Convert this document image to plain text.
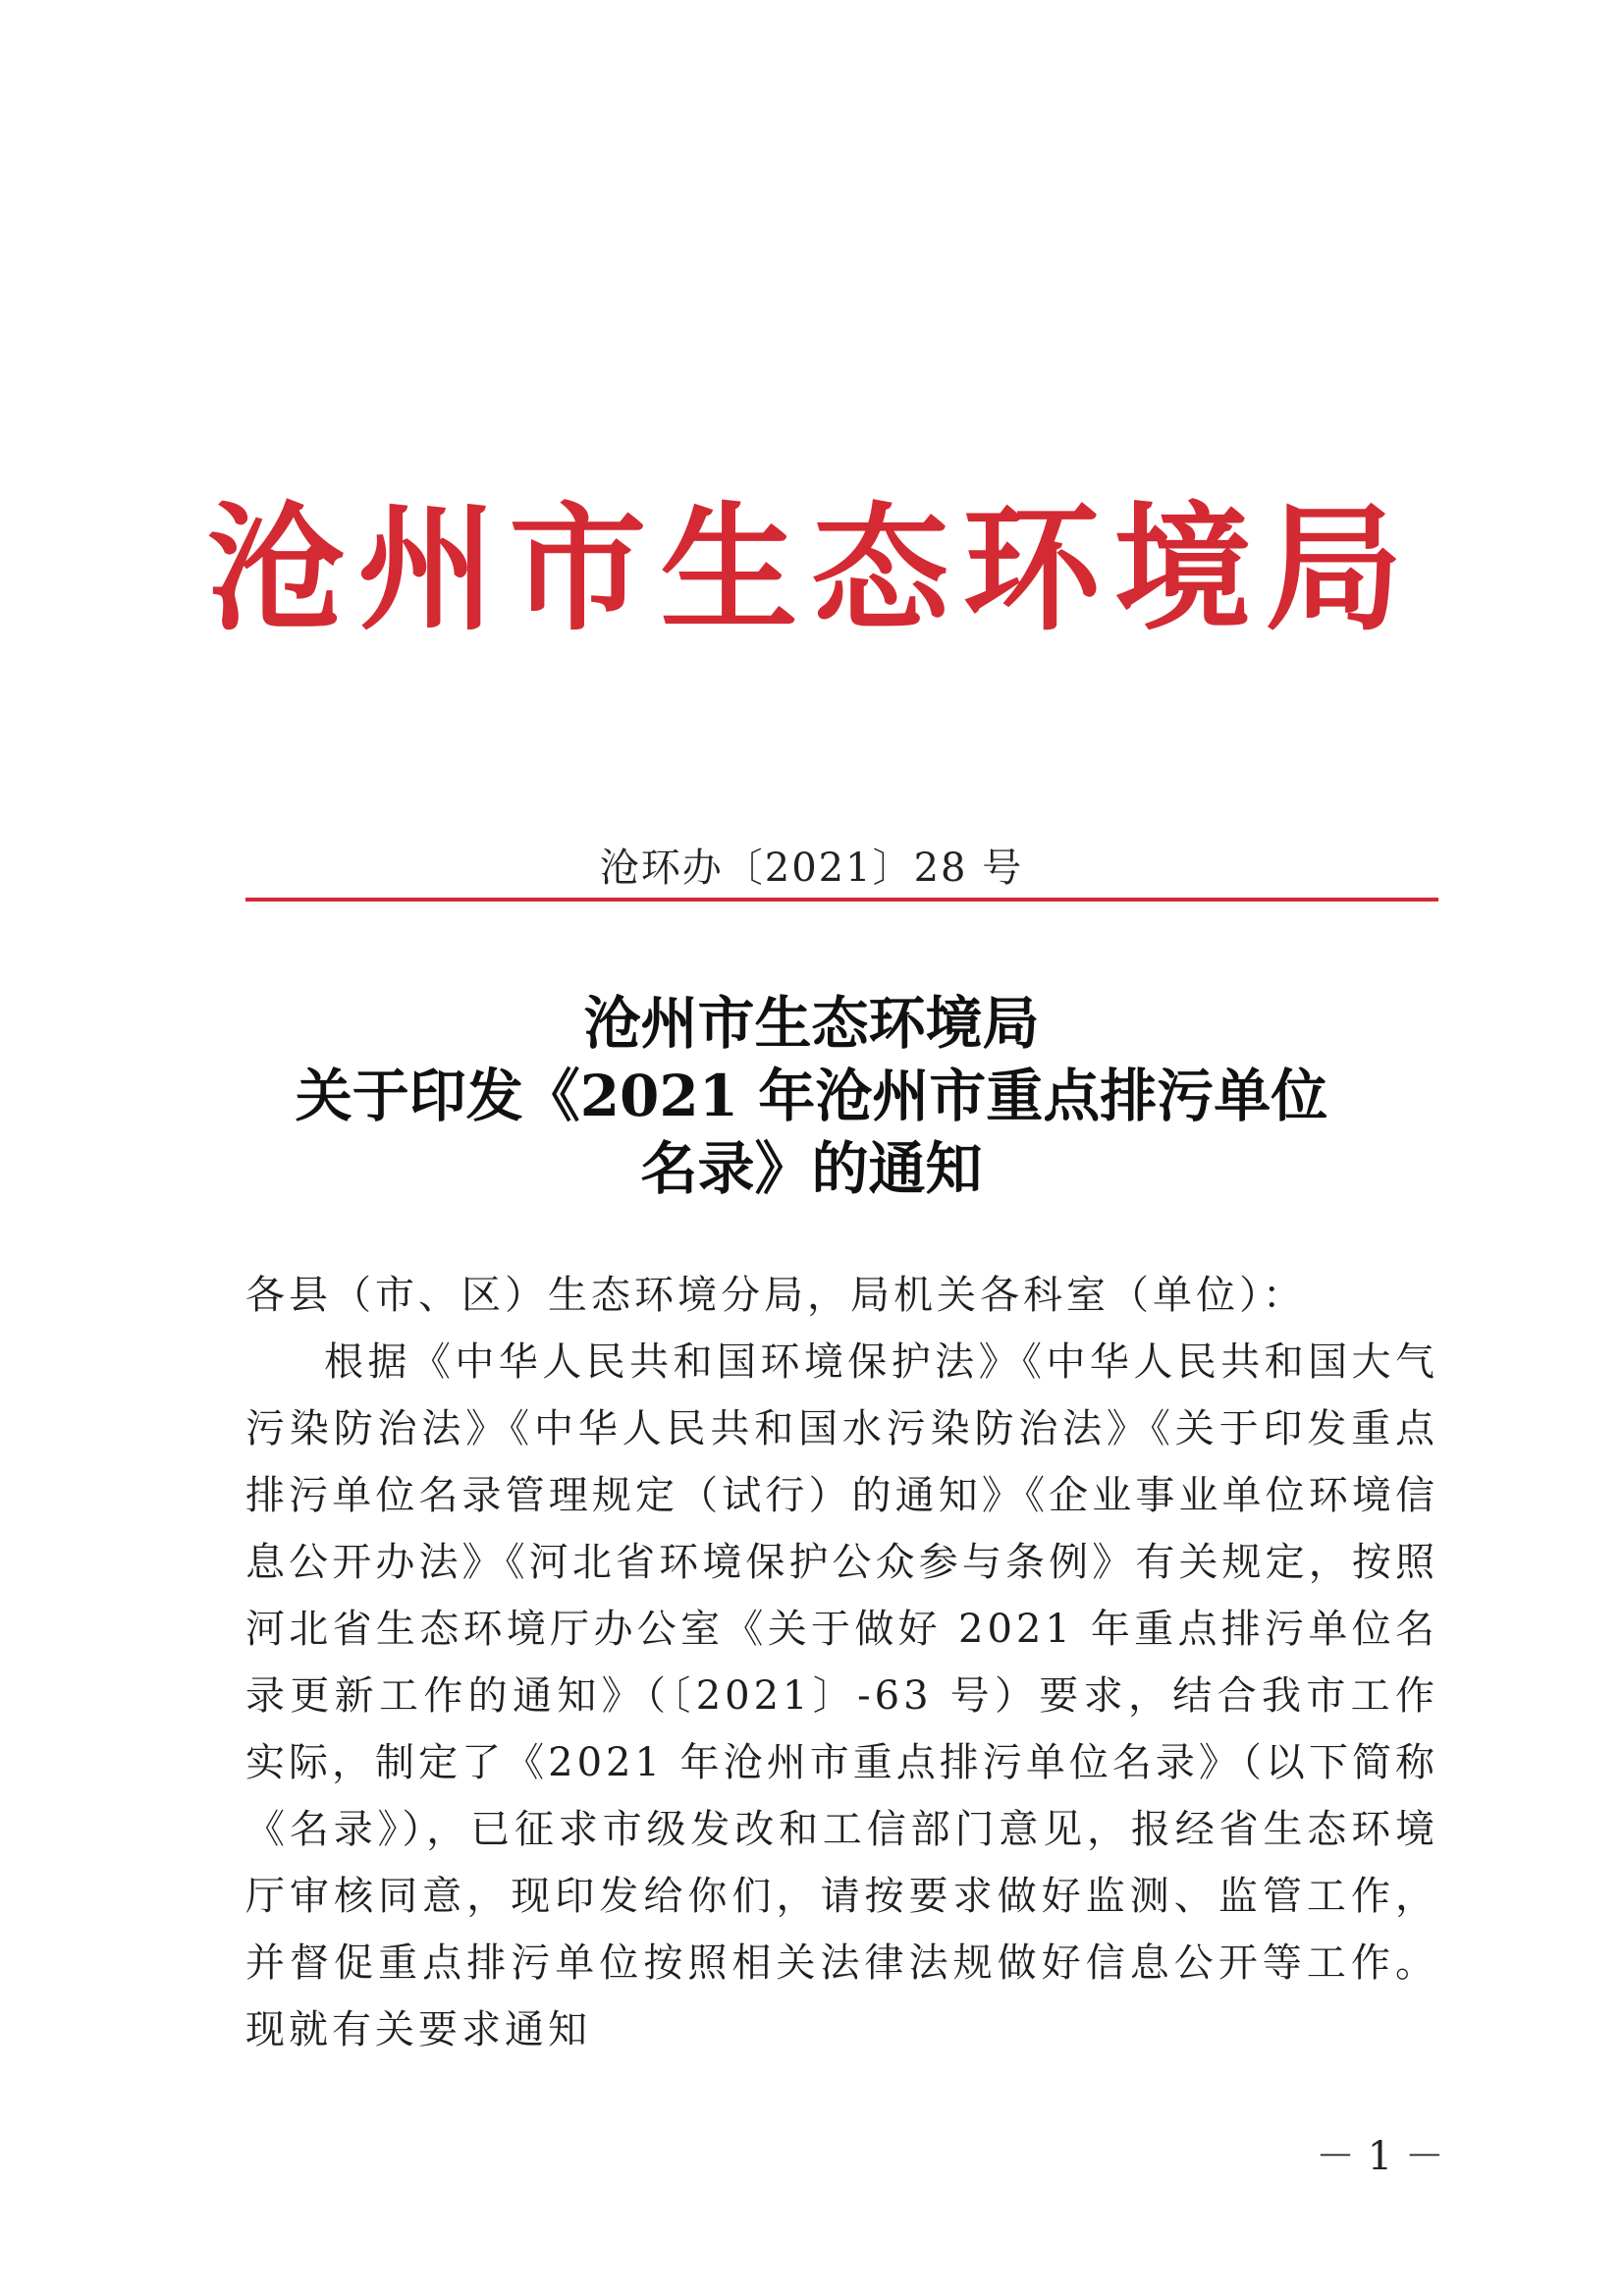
沧州市生态环境局
沧环办〔2021〕28 号
沧州市生态环境局
关于印发《2021 年沧州市重点排污单位
名录》的通知

各县（市、区）生态环境分局，局机关各科室（单位）：

根据《中华人民共和国环境保护法》《中华人民共和国大气污染防治法》《中华人民共和国水污染防治法》《关于印发重点排污单位名录管理规定（试行）的通知》《企业事业单位环境信息公开办法》《河北省环境保护公众参与条例》有关规定，按照河北省生态环境厅办公室《关于做好 2021 年重点排污单位名录更新工作的通知》（〔2021〕-63 号）要求，结合我市工作实际，制定了《2021 年沧州市重点排污单位名录》（以下简称《名录》），已征求市级发改和工信部门意见，报经省生态环境厅审核同意，现印发给你们，请按要求做好监测、监管工作，并督促重点排污单位按照相关法律法规做好信息公开等工作。现就有关要求通知

－ 1 －
